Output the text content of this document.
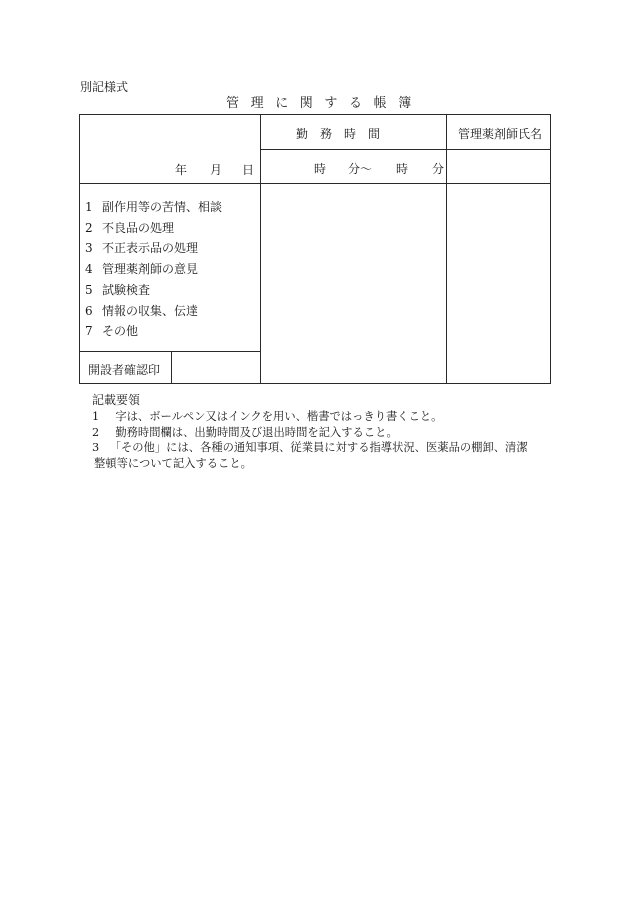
別記様式
管理に関する帳簿
年 月 日
勤　務　時　間
時 分〜 時 分
管理薬剤師氏名
1 副作用等の苦情、相談
2 不良品の処理
3 不正表示品の処理
4 管理薬剤師の意見
5 試験検査
6 情報の収集、伝達
7 その他
開設者確認印
記載要領
1　 字は、ボールペン又はインクを用い、楷書ではっきり書くこと。
2　 勤務時間欄は、出勤時間及び退出時間を記入すること。
3　 「その他」には、各種の通知事項、従業員に対する指導状況、医薬品の棚卸、清潔
整頓等について記入すること。
